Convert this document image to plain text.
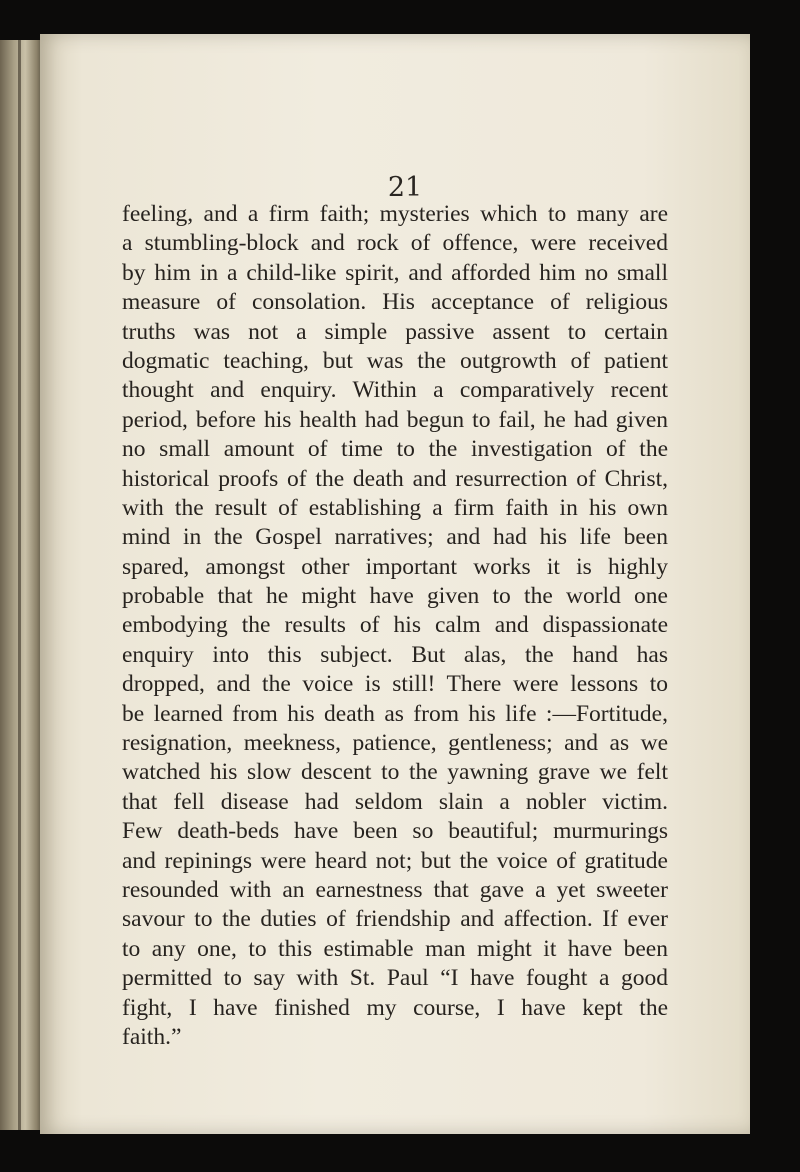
21
feeling, and a firm faith; mysteries which to many are
a stumbling-block and rock of offence, were received
by him in a child-like spirit, and afforded him no small
measure of consolation. His acceptance of religious
truths was not a simple passive assent to certain
dogmatic teaching, but was the outgrowth of patient
thought and enquiry. Within a comparatively recent
period, before his health had begun to fail, he had given
no small amount of time to the investigation of the
historical proofs of the death and resurrection of Christ,
with the result of establishing a firm faith in his own
mind in the Gospel narratives; and had his life been
spared, amongst other important works it is highly
probable that he might have given to the world one
embodying the results of his calm and dispassionate
enquiry into this subject. But alas, the hand has
dropped, and the voice is still! There were lessons to
be learned from his death as from his life :—Fortitude,
resignation, meekness, patience, gentleness; and as we
watched his slow descent to the yawning grave we felt
that fell disease had seldom slain a nobler victim.
Few death-beds have been so beautiful; murmurings
and repinings were heard not; but the voice of gratitude
resounded with an earnestness that gave a yet sweeter
savour to the duties of friendship and affection. If ever
to any one, to this estimable man might it have been
permitted to say with St. Paul “I have fought a good
fight, I have finished my course, I have kept the
faith.”
